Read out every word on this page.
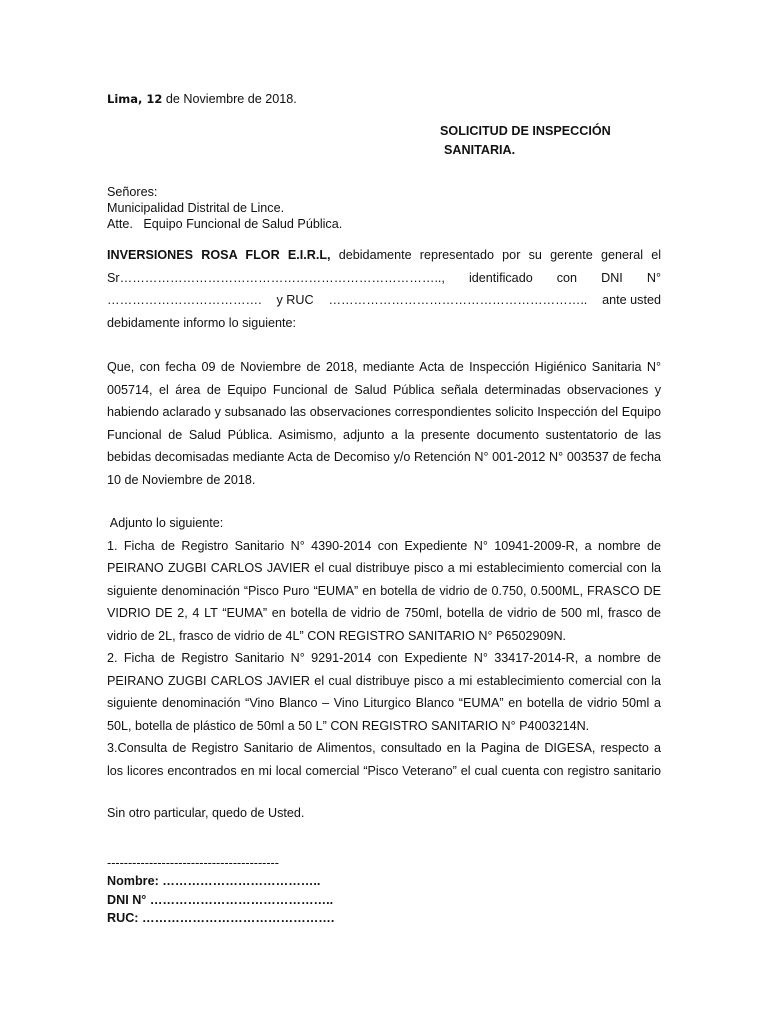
Lima, 12 de Noviembre de 2018.
SOLICITUD DE INSPECCIÓN
SANITARIA.
Señores:
Municipalidad Distrital de Lince.
Atte.   Equipo Funcional de Salud Pública.
INVERSIONES ROSA FLOR E.I.R.L, debidamente representado por su gerente general el
Sr………………………………………………………………….., identificado con DNI N°
………………………………. y RUC …………………………………………………….. ante usted
debidamente informo lo siguiente:
Que, con fecha 09 de Noviembre de 2018, mediante Acta de Inspección Higiénico Sanitaria N°
005714, el área de Equipo Funcional de Salud Pública señala determinadas observaciones y
habiendo aclarado y subsanado las observaciones correspondientes solicito Inspección del Equipo
Funcional de Salud Pública. Asimismo, adjunto a la presente documento sustentatorio de las
bebidas decomisadas mediante Acta de Decomiso y/o Retención N° 001-2012 N° 003537 de fecha
10 de Noviembre de 2018.
Adjunto lo siguiente:
1. Ficha de Registro Sanitario N° 4390-2014 con Expediente N° 10941-2009-R, a nombre de
PEIRANO ZUGBI CARLOS JAVIER el cual distribuye pisco a mi establecimiento comercial con la
siguiente denominación “Pisco Puro “EUMA” en botella de vidrio de 0.750, 0.500ML, FRASCO DE
VIDRIO DE 2, 4 LT “EUMA” en botella de vidrio de 750ml, botella de vidrio de 500 ml, frasco de
vidrio de 2L, frasco de vidrio de 4L” CON REGISTRO SANITARIO N° P6502909N.
2. Ficha de Registro Sanitario N° 9291-2014 con Expediente N° 33417-2014-R, a nombre de
PEIRANO ZUGBI CARLOS JAVIER el cual distribuye pisco a mi establecimiento comercial con la
siguiente denominación “Vino Blanco – Vino Liturgico Blanco “EUMA” en botella de vidrio 50ml a
50L, botella de plástico de 50ml a 50 L” CON REGISTRO SANITARIO N° P4003214N.
3.Consulta de Registro Sanitario de Alimentos, consultado en la Pagina de DIGESA, respecto a
los licores encontrados en mi local comercial “Pisco Veterano” el cual cuenta con registro sanitario
Sin otro particular, quedo de Usted.
-----------------------------------------
Nombre: ………………………………..
DNI N° ……………………………………..
RUC: ……………………………………….
